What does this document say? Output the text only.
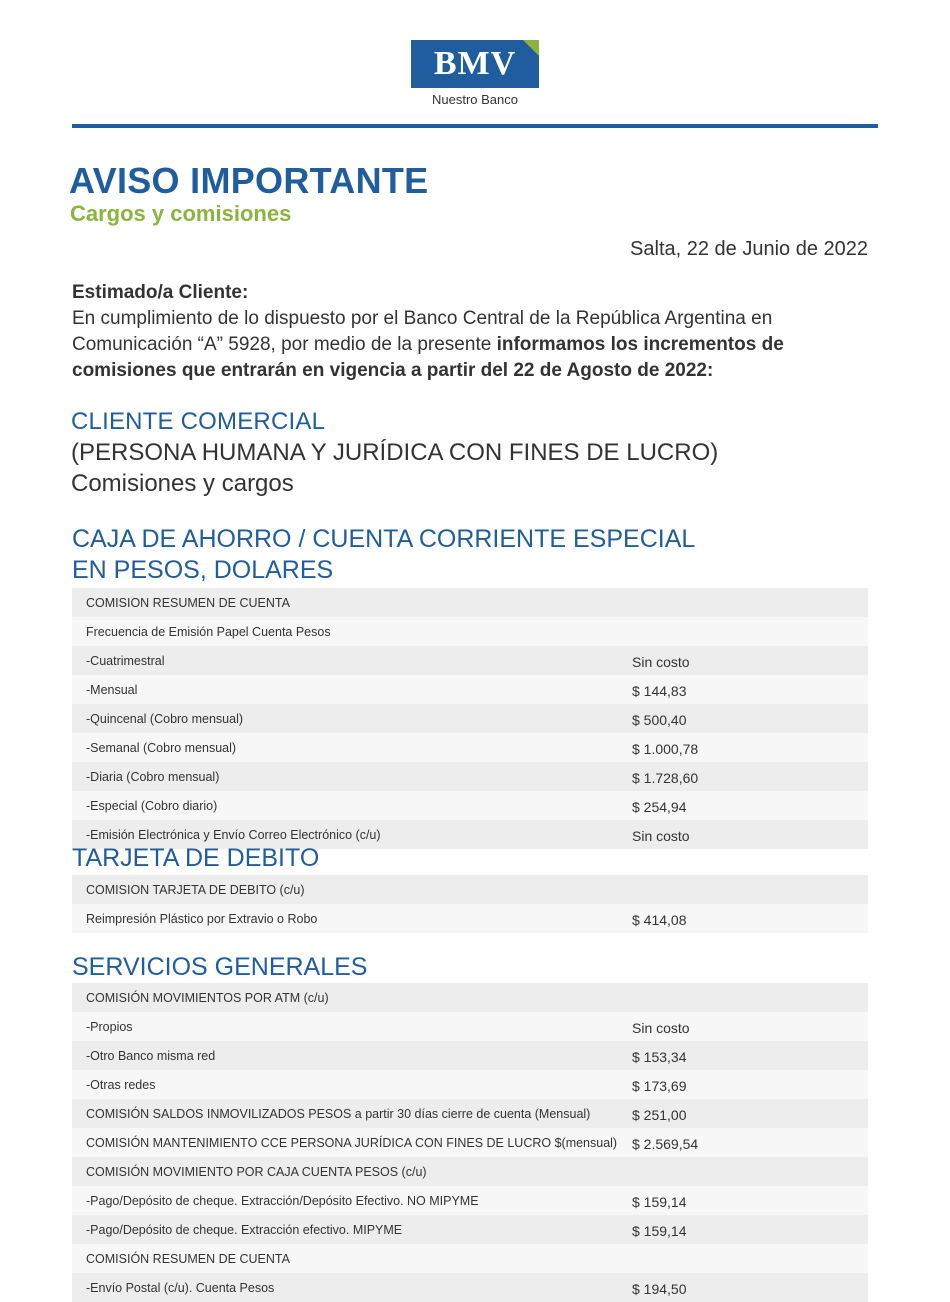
BMV
Nuestro Banco
AVISO IMPORTANTE
Cargos y comisiones
Salta, 22 de Junio de 2022
Estimado/a Cliente:
En cumplimiento de lo dispuesto por el Banco Central de la República Argentina en Comunicación “A” 5928, por medio de la presente informamos los incrementos de comisiones que entrarán en vigencia a partir del 22 de Agosto de 2022:
CLIENTE COMERCIAL
(PERSONA HUMANA Y JURÍDICA CON FINES DE LUCRO)
Comisiones y cargos
CAJA DE AHORRO / CUENTA CORRIENTE ESPECIAL
EN PESOS, DOLARES
COMISION RESUMEN DE CUENTA	
Frecuencia de Emisión Papel Cuenta Pesos	
-Cuatrimestral	Sin costo
-Mensual	$ 144,83
-Quincenal (Cobro mensual)	$ 500,40
-Semanal (Cobro mensual)	$ 1.000,78
-Diaria (Cobro mensual)	$ 1.728,60
-Especial (Cobro diario)	$ 254,94
-Emisión Electrónica y Envío Correo Electrónico (c/u)	Sin costo
TARJETA DE DEBITO
COMISION TARJETA DE DEBITO (c/u)	
Reimpresión Plástico por Extravio o Robo	$ 414,08
SERVICIOS GENERALES
COMISIÓN MOVIMIENTOS POR ATM (c/u)	
-Propios	Sin costo
-Otro Banco misma red	$ 153,34
-Otras redes	$ 173,69
COMISIÓN SALDOS INMOVILIZADOS PESOS a partir 30 días cierre de cuenta (Mensual)	$ 251,00
COMISIÓN MANTENIMIENTO CCE PERSONA JURÍDICA CON FINES DE LUCRO $(mensual)	$ 2.569,54
COMISIÓN MOVIMIENTO POR CAJA CUENTA PESOS (c/u)	
-Pago/Depósito de cheque. Extracción/Depósito Efectivo. NO MIPYME	$ 159,14
-Pago/Depósito de cheque. Extracción efectivo. MIPYME	$ 159,14
COMISIÓN RESUMEN DE CUENTA	
-Envío Postal (c/u). Cuenta Pesos	$ 194,50
